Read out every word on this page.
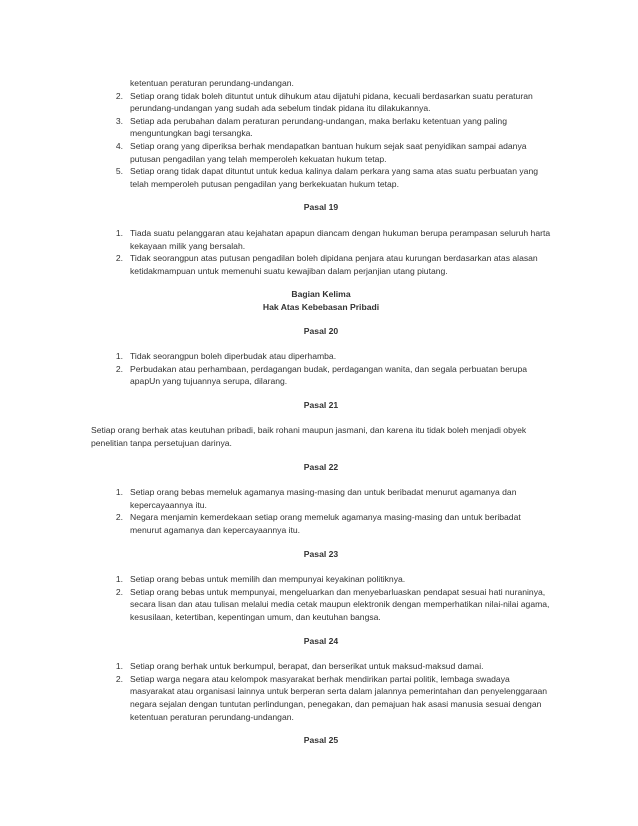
ketentuan peraturan perundang-undangan.

2. Setiap orang tidak boleh dituntut untuk dihukum atau dijatuhi pidana, kecuali berdasarkan suatu peraturan perundang-undangan yang sudah ada sebelum tindak pidana itu dilakukannya.
3. Setiap ada perubahan dalam peraturan perundang-undangan, maka berlaku ketentuan yang paling menguntungkan bagi tersangka.
4. Setiap orang yang diperiksa berhak mendapatkan bantuan hukum sejak saat penyidikan sampai adanya putusan pengadilan yang telah memperoleh kekuatan hukum tetap.
5. Setiap orang tidak dapat dituntut untuk kedua kalinya dalam perkara yang sama atas suatu perbuatan yang telah memperoleh putusan pengadilan yang berkekuatan hukum tetap.

Pasal 19

1. Tiada suatu pelanggaran atau kejahatan apapun diancam dengan hukuman berupa perampasan seluruh harta kekayaan milik yang bersalah.
2. Tidak seorangpun atas putusan pengadilan boleh dipidana penjara atau kurungan berdasarkan atas alasan ketidakmampuan untuk memenuhi suatu kewajiban dalam perjanjian utang piutang.

Bagian Kelima

Hak Atas Kebebasan Pribadi

Pasal 20

1. Tidak seorangpun boleh diperbudak atau diperhamba.
2. Perbudakan atau perhambaan, perdagangan budak, perdagangan wanita, dan segala perbuatan berupa apapUn yang tujuannya serupa, dilarang.

Pasal 21

Setiap orang berhak atas keutuhan pribadi, baik rohani maupun jasmani, dan karena itu tidak boleh menjadi obyek penelitian tanpa persetujuan darinya.

Pasal 22

1. Setiap orang bebas memeluk agamanya masing-masing dan untuk beribadat menurut agamanya dan kepercayaannya itu.
2. Negara menjamin kemerdekaan setiap orang memeluk agamanya masing-masing dan untuk beribadat menurut agamanya dan kepercayaannya itu.

Pasal 23

1. Setiap orang bebas untuk memilih dan mempunyai keyakinan politiknya.
2. Setiap orang bebas untuk mempunyai, mengeluarkan dan menyebarluaskan pendapat sesuai hati nuraninya, secara lisan dan atau tulisan melalui media cetak maupun elektronik dengan memperhatikan nilai-nilai agama, kesusilaan, ketertiban, kepentingan umum, dan keutuhan bangsa.

Pasal 24

1. Setiap orang berhak untuk berkumpul, berapat, dan berserikat untuk maksud-maksud damai.
2. Setiap warga negara atau kelompok masyarakat berhak mendirikan partai politik, lembaga swadaya masyarakat atau organisasi lainnya untuk berperan serta dalam jalannya pemerintahan dan penyelenggaraan negara sejalan dengan tuntutan perlindungan, penegakan, dan pemajuan hak asasi manusia sesuai dengan ketentuan peraturan perundang-undangan.

Pasal 25
